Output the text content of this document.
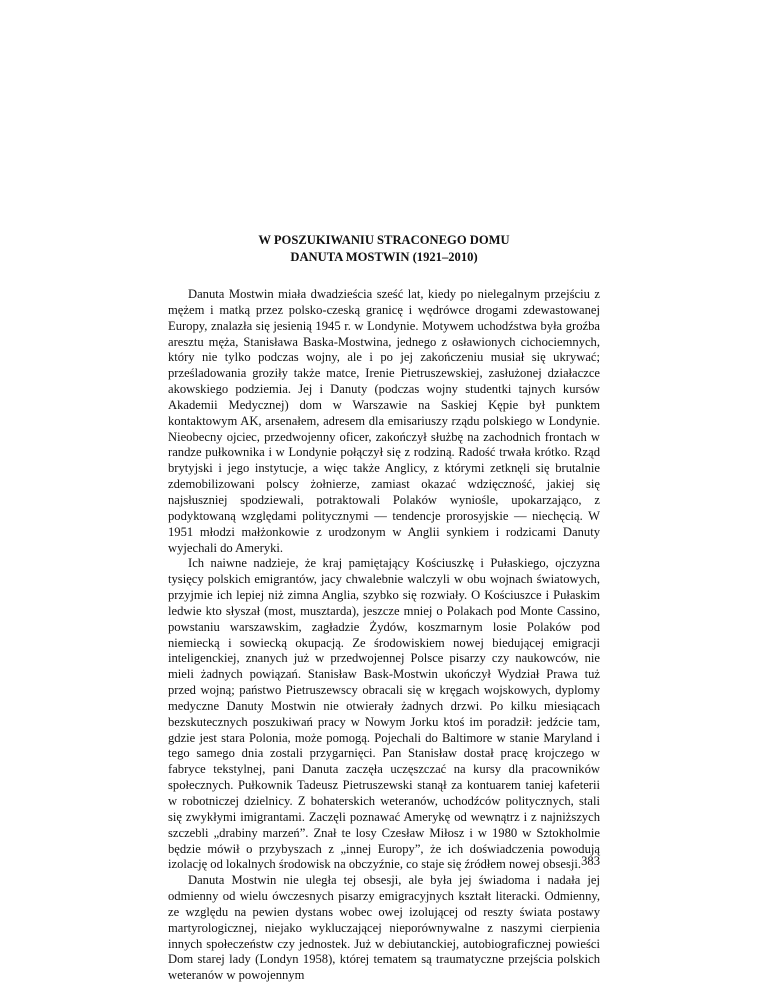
W POSZUKIWANIU STRACONEGO DOMU
DANUTA MOSTWIN (1921–2010)

Danuta Mostwin miała dwadzieścia sześć lat, kiedy po nielegalnym przejściu z mężem i matką przez polsko-czeską granicę i wędrówce drogami zdewastowanej Europy, znalazła się jesienią 1945 r. w Londynie. Motywem uchodźstwa była groźba aresztu męża, Stanisława Baska-Mostwina, jednego z osławionych cichociemnych, który nie tylko podczas wojny, ale i po jej zakończeniu musiał się ukrywać; prześladowania groziły także matce, Irenie Pietruszewskiej, zasłużonej działaczce akowskiego podziemia. Jej i Danuty (podczas wojny studentki tajnych kursów Akademii Medycznej) dom w Warszawie na Saskiej Kępie był punktem kontaktowym AK, arsenałem, adresem dla emisariuszy rządu polskiego w Londynie. Nieobecny ojciec, przedwojenny oficer, zakończył służbę na zachodnich frontach w randze pułkownika i w Londynie połączył się z rodziną. Radość trwała krótko. Rząd brytyjski i jego instytucje, a więc także Anglicy, z którymi zetknęli się brutalnie zdemobilizowani polscy żołnierze, zamiast okazać wdzięczność, jakiej się najsłuszniej spodziewali, potraktowali Polaków wyniośle, upokarzająco, z podyktowaną względami politycznymi — tendencje prorosyjskie — niechęcią. W 1951 młodzi małżonkowie z urodzonym w Anglii synkiem i rodzicami Danuty wyjechali do Ameryki.

Ich naiwne nadzieje, że kraj pamiętający Kościuszkę i Pułaskiego, ojczyzna tysięcy polskich emigrantów, jacy chwalebnie walczyli w obu wojnach światowych, przyjmie ich lepiej niż zimna Anglia, szybko się rozwiały. O Kościuszce i Pułaskim ledwie kto słyszał (most, musztarda), jeszcze mniej o Polakach pod Monte Cassino, powstaniu warszawskim, zagładzie Żydów, koszmarnym losie Polaków pod niemiecką i sowiecką okupacją. Ze środowiskiem nowej biedującej emigracji inteligenckiej, znanych już w przedwojennej Polsce pisarzy czy naukowców, nie mieli żadnych powiązań. Stanisław Bask-Mostwin ukończył Wydział Prawa tuż przed wojną; państwo Pietruszewscy obracali się w kręgach wojskowych, dyplomy medyczne Danuty Mostwin nie otwierały żadnych drzwi. Po kilku miesiącach bezskutecznych poszukiwań pracy w Nowym Jorku ktoś im poradził: jedźcie tam, gdzie jest stara Polonia, może pomogą. Pojechali do Baltimore w stanie Maryland i tego samego dnia zostali przygarnięci. Pan Stanisław dostał pracę krojczego w fabryce tekstylnej, pani Danuta zaczęła uczęszczać na kursy dla pracowników społecznych. Pułkownik Tadeusz Pietruszewski stanął za kontuarem taniej kafeterii w robotniczej dzielnicy. Z bohaterskich weteranów, uchodźców politycznych, stali się zwykłymi imigrantami. Zaczęli poznawać Amerykę od wewnątrz i z najniższych szczebli „drabiny marzeń”. Znał te losy Czesław Miłosz i w 1980 w Sztokholmie będzie mówił o przybyszach z „innej Europy”, że ich doświadczenia powodują izolację od lokalnych środowisk na obczyźnie, co staje się źródłem nowej obsesji.

Danuta Mostwin nie uległa tej obsesji, ale była jej świadoma i nadała jej odmienny od wielu ówczesnych pisarzy emigracyjnych kształt literacki. Odmienny, ze względu na pewien dystans wobec owej izolującej od reszty świata postawy martyrologicznej, niejako wykluczającej nieporównywalne z naszymi cierpienia innych społeczeństw czy jednostek. Już w debiutanckiej, autobiograficznej powieści Dom starej lady (Londyn 1958), której tematem są traumatyczne przejścia polskich weteranów w powojennym

383
